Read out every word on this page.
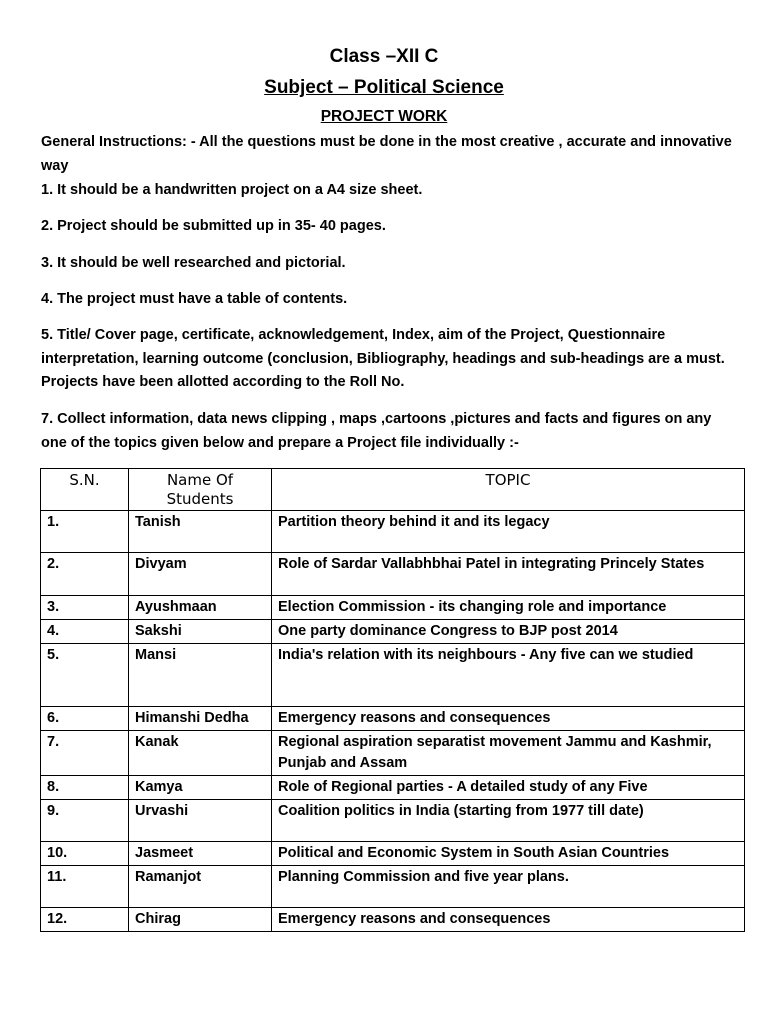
Class –XII C

Subject – Political Science

PROJECT WORK

General Instructions: - All the questions must be done in the most creative , accurate and innovative way

1. It should be a handwritten project on a A4 size sheet.

2. Project should be submitted up in 35- 40 pages.

3. It should be well researched and pictorial.

4. The project must have a table of contents.

5. Title/ Cover page, certificate, acknowledgement, Index, aim of the Project, Questionnaire interpretation, learning outcome (conclusion, Bibliography, headings and sub-headings are a must. Projects have been allotted according to the Roll No.

7. Collect information, data news clipping , maps ,cartoons ,pictures and facts and figures on any one of the topics given below and prepare a Project file individually :-

S.N.	Name Of Students	TOPIC
1.	Tanish	Partition theory behind it and its legacy
2.	Divyam	Role of Sardar Vallabhbhai Patel in integrating Princely States
3.	Ayushmaan	Election Commission - its changing role and importance
4.	Sakshi	One party dominance Congress to BJP post 2014
5.	Mansi	India's relation with its neighbours - Any five can we studied
6.	Himanshi Dedha	Emergency reasons and consequences
7.	Kanak	Regional aspiration separatist movement Jammu and Kashmir, Punjab and Assam
8.	Kamya	Role of Regional parties - A detailed study of any Five
9.	Urvashi	Coalition politics in India (starting from 1977 till date)
10.	Jasmeet	Political and Economic System in South Asian Countries
11.	Ramanjot	Planning Commission and five year plans.
12.	Chirag	Emergency reasons and consequences
